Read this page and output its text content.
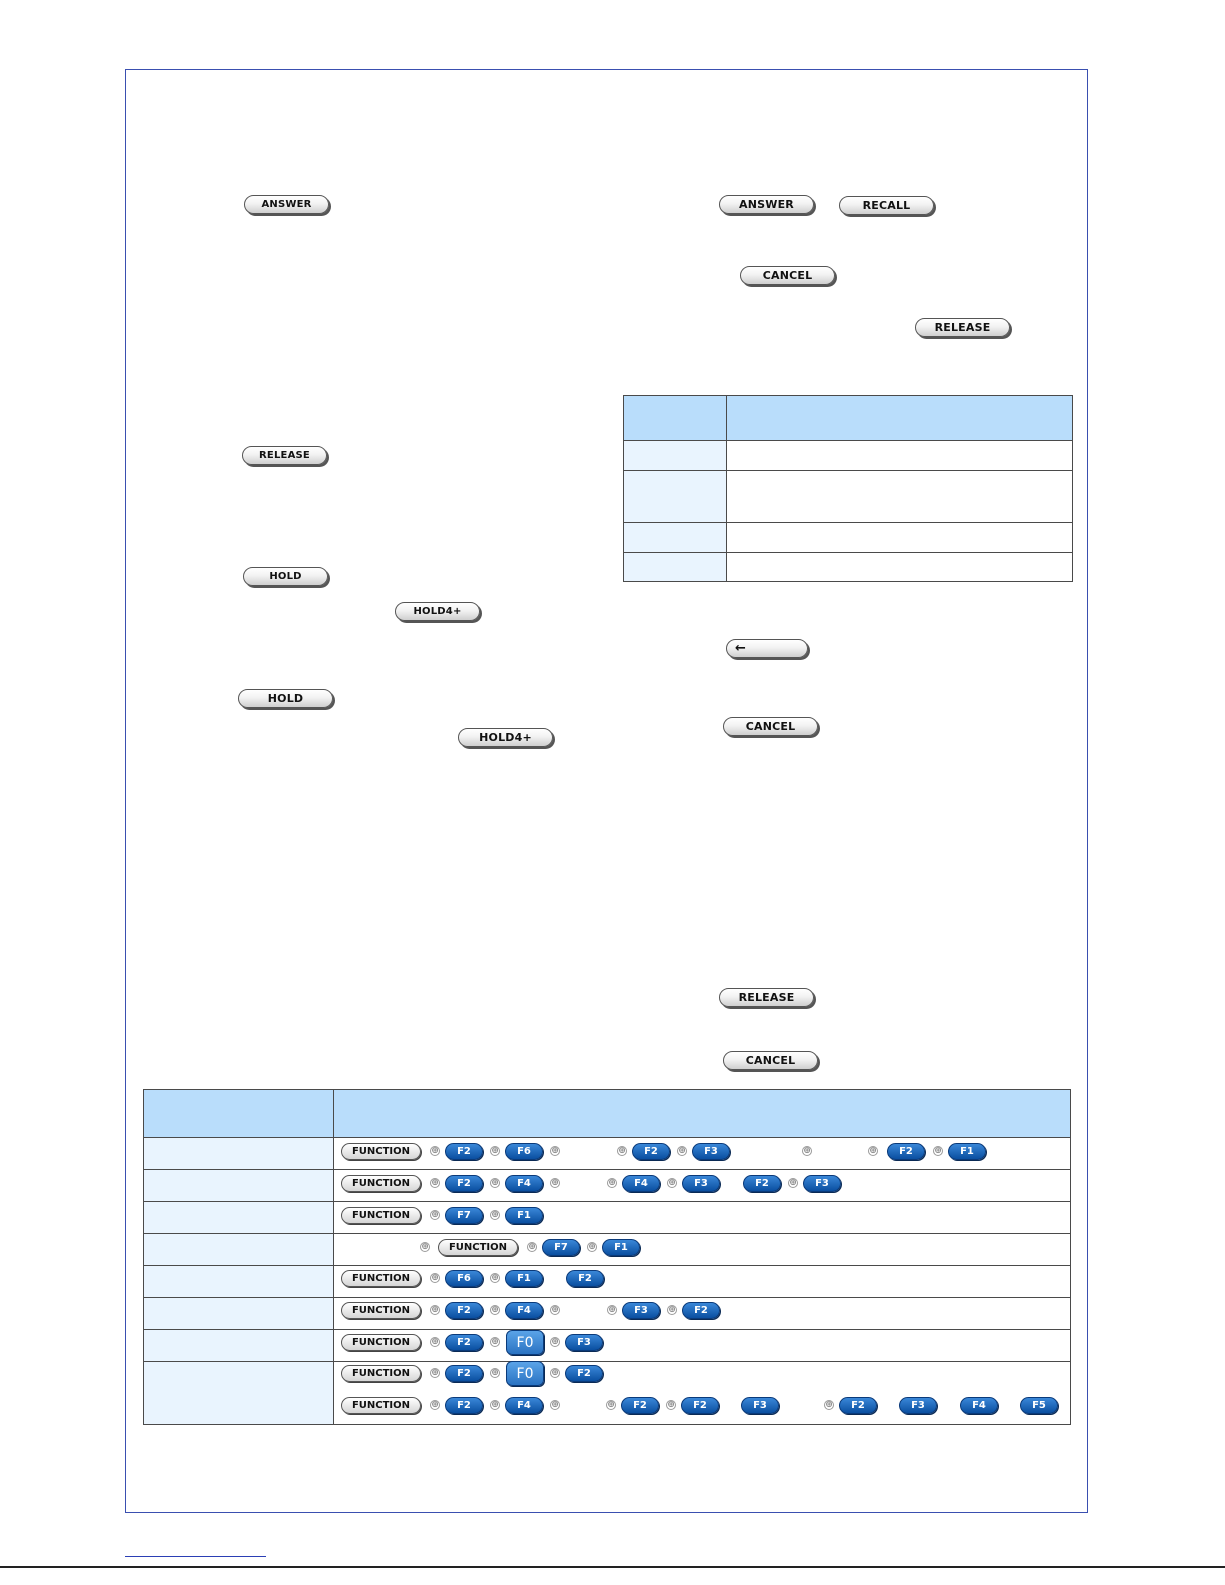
ANSWER
RELEASE
HOLD
HOLD4+
HOLD
HOLD4+
ANSWER	RECALL
CANCEL
RELEASE

←
CANCEL
RELEASE
CANCEL

FUNCTION	⊕	F2	⊕	F6	⊕	⊕	F2	⊕	F3	⊕	⊕	F2	⊕	F1
FUNCTION	⊕	F2	⊕	F4	⊕	⊕	F4	⊕	F3	F2	⊕	F3
FUNCTION	⊕	F7	⊕	F1
⊕	FUNCTION	⊕	F7	⊕	F1
FUNCTION	⊕	F6	⊕	F1	F2
FUNCTION	⊕	F2	⊕	F4	⊕	⊕	F3	⊕	F2
FUNCTION	⊕	F2	⊕	F0	⊕	F3
FUNCTION	⊕	F2	⊕	F0	⊕	F2
FUNCTION	⊕	F2	⊕	F4	⊕	⊕	F2	⊕	F2	F3	⊕	F2	F3	F4	F5
